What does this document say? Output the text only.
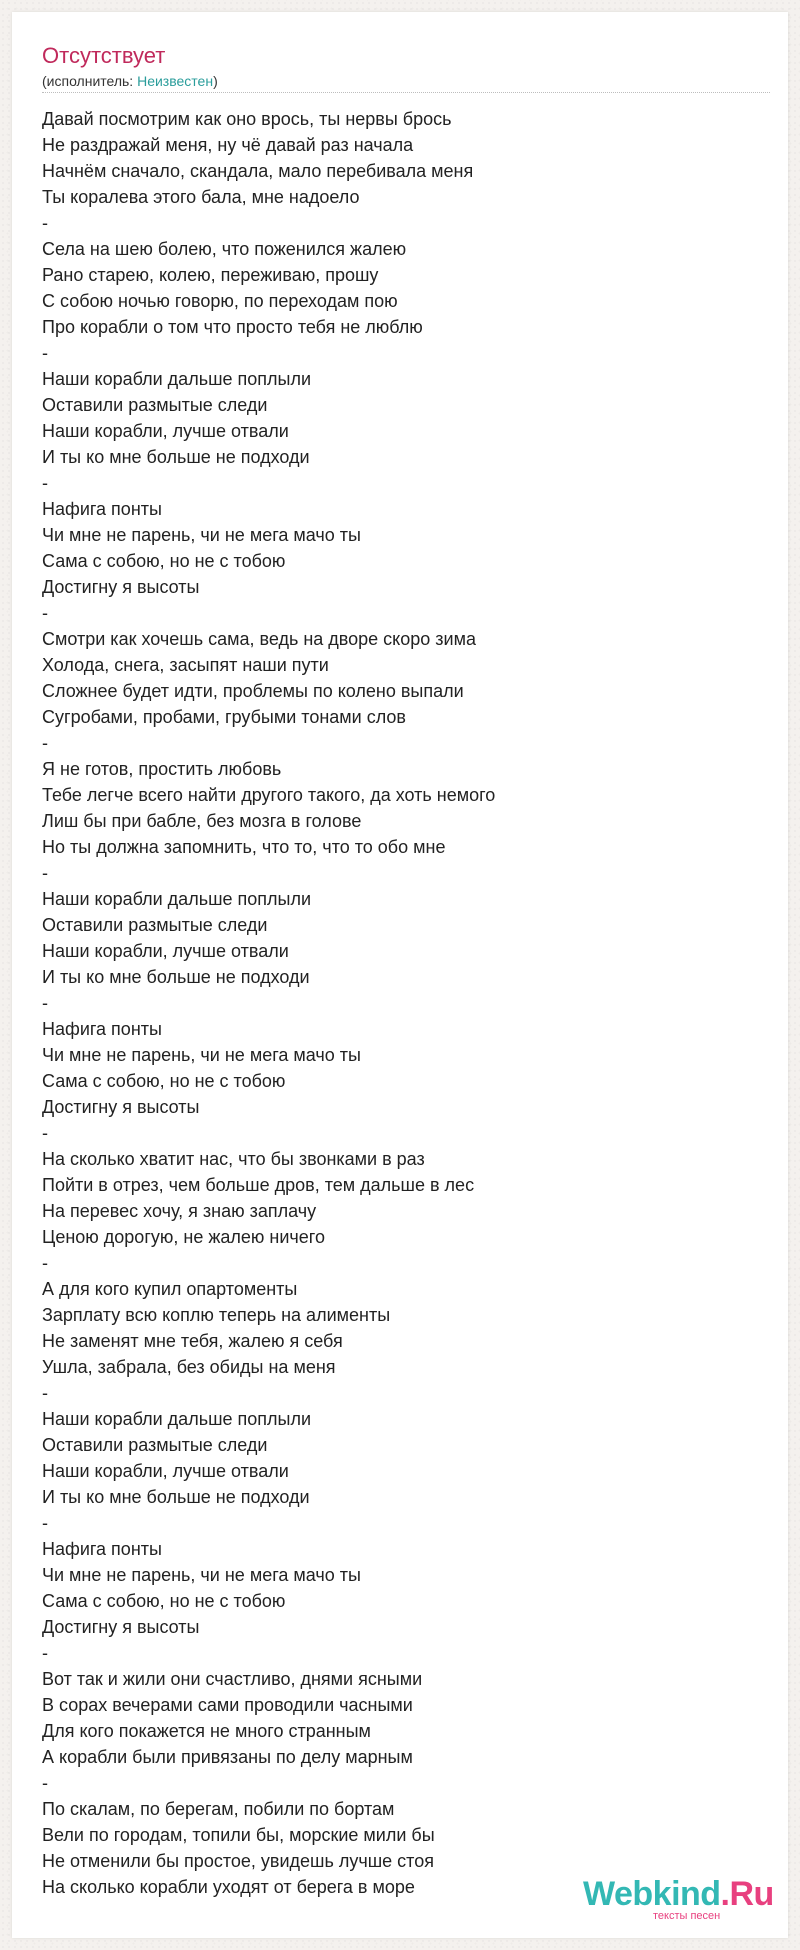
Отсутствует
(исполнитель: Неизвестен)
Давай посмотрим как оно врось, ты нервы брось
Не раздражай меня, ну чё давай раз начала
Начнём сначало, скандала, мало перебивала меня
Ты коралева этого бала, мне надоело
-
Села на шею болею, что поженился жалею
Рано старею, колею, переживаю, прошу
С собою ночью говорю, по переходам пою
Про корабли о том что просто тебя не люблю
-
Наши корабли дальше поплыли
Оставили размытые следи
Наши корабли, лучше отвали
И ты ко мне больше не подходи
-
Нафига понты
Чи мне не парень, чи не мега мачо ты
Сама с собою, но не с тобою
Достигну я высоты
-
Смотри как хочешь сама, ведь на дворе скоро зима
Холода, снега, засыпят наши пути
Сложнее будет идти, проблемы по колено выпали
Сугробами, пробами, грубыми тонами слов
-
Я не готов, простить любовь
Тебе легче всего найти другого такого, да хоть немого
Лиш бы при бабле, без мозга в голове
Но ты должна запомнить, что то, что то обо мне
-
Наши корабли дальше поплыли
Оставили размытые следи
Наши корабли, лучше отвали
И ты ко мне больше не подходи
-
Нафига понты
Чи мне не парень, чи не мега мачо ты
Сама с собою, но не с тобою
Достигну я высоты
-
На сколько хватит нас, что бы звонками в раз
Пойти в отрез, чем больше дров, тем дальше в лес
На перевес хочу, я знаю заплачу
Ценою дорогую, не жалею ничего
-
А для кого купил опартоменты
Зарплату всю коплю теперь на алименты
Не заменят мне тебя, жалею я себя
Ушла, забрала, без обиды на меня
-
Наши корабли дальше поплыли
Оставили размытые следи
Наши корабли, лучше отвали
И ты ко мне больше не подходи
-
Нафига понты
Чи мне не парень, чи не мега мачо ты
Сама с собою, но не с тобою
Достигну я высоты
-
Вот так и жили они счастливо, днями ясными
В сорах вечерами сами проводили часными
Для кого покажется не много странным
А корабли были привязаны по делу марным
-
По скалам, по берегам, побили по бортам
Вели по городам, топили бы, морские мили бы
Не отменили бы простое, увидешь лучше стоя
На сколько корабли уходят от берега в море	Webkind.Ru
тексты песен
